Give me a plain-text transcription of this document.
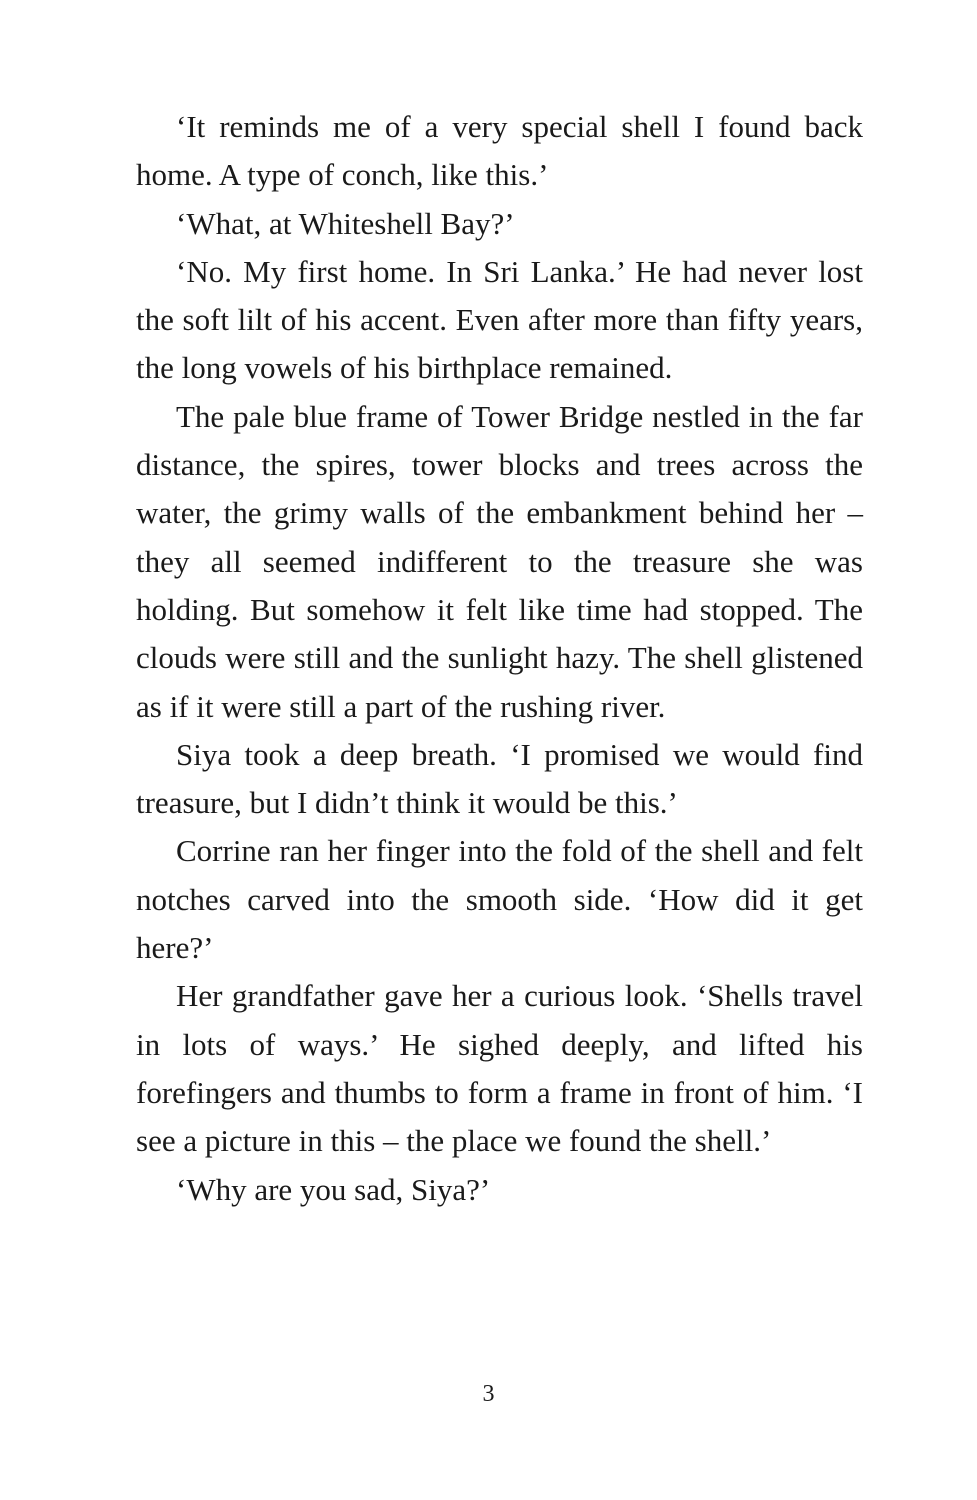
‘It reminds me of a very special shell I found back home. A type of conch, like this.’

‘What, at Whiteshell Bay?’

‘No. My first home. In Sri Lanka.’ He had never lost the soft lilt of his accent. Even after more than fifty years, the long vowels of his birthplace remained.

The pale blue frame of Tower Bridge nestled in the far distance, the spires, tower blocks and trees across the water, the grimy walls of the embankment behind her – they all seemed indifferent to the treasure she was holding. But somehow it felt like time had stopped. The clouds were still and the sunlight hazy. The shell glistened as if it were still a part of the rushing river.

Siya took a deep breath. ‘I promised we would find treasure, but I didn’t think it would be this.’

Corrine ran her finger into the fold of the shell and felt notches carved into the smooth side. ‘How did it get here?’

Her grandfather gave her a curious look. ‘Shells travel in lots of ways.’ He sighed deeply, and lifted his forefingers and thumbs to form a frame in front of him. ‘I see a picture in this – the place we found the shell.’

‘Why are you sad, Siya?’

3
